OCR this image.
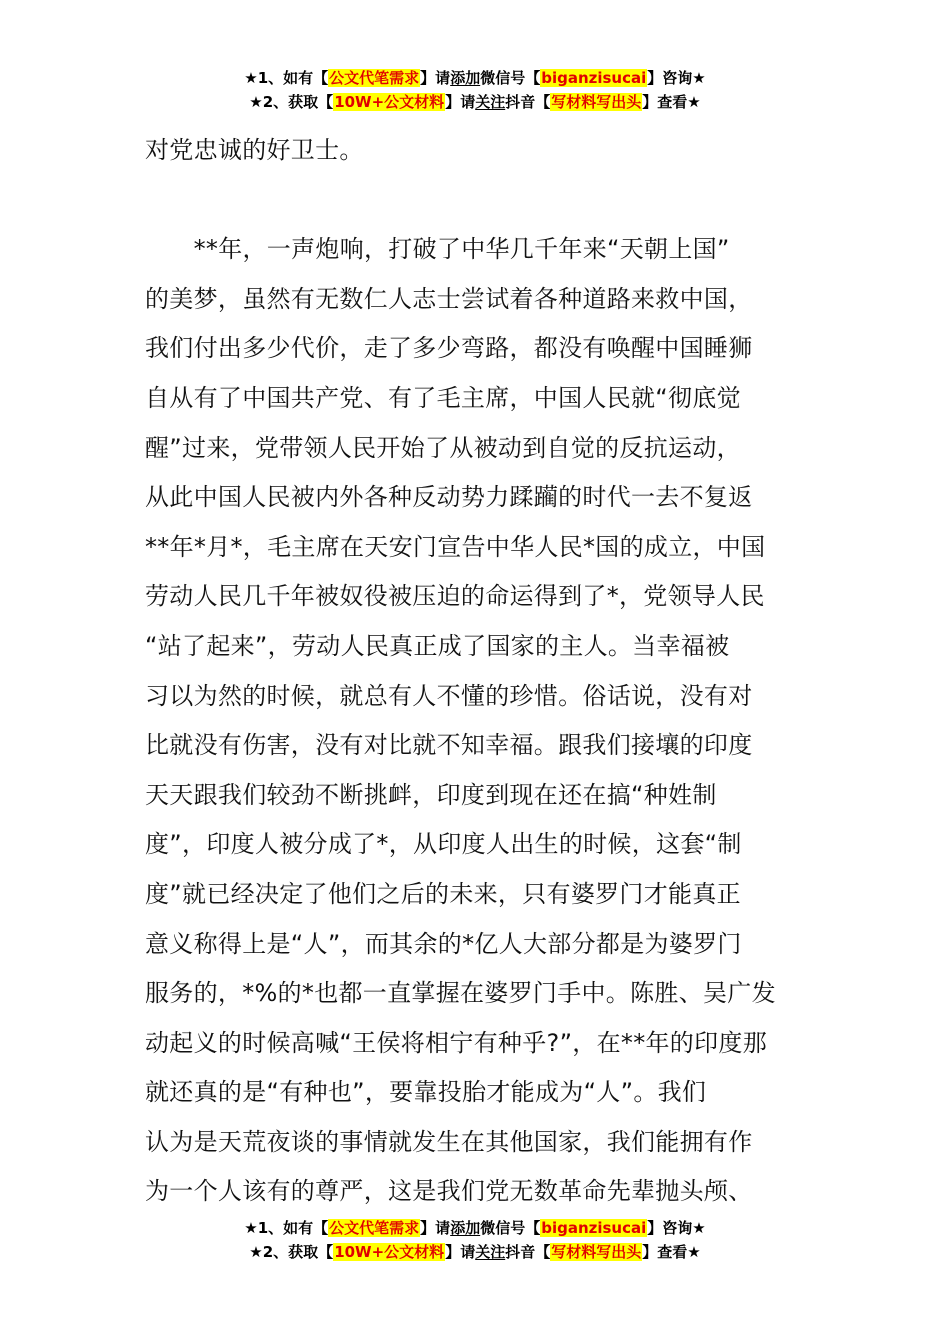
★1、如有【公文代笔需求】请添加微信号【biganzisucai】咨询★
★2、获取【10W+公文材料】请关注抖音【写材料写出头】查看★
对党忠诚的好卫士。
　　**年，一声炮响，打破了中华几千年来“天朝上国”
的美梦，虽然有无数仁人志士尝试着各种道路来救中国，
我们付出多少代价，走了多少弯路，都没有唤醒中国睡狮
自从有了中国共产党、有了毛主席，中国人民就“彻底觉
醒”过来，党带领人民开始了从被动到自觉的反抗运动，
从此中国人民被内外各种反动势力蹂躏的时代一去不复返
**年*月*，毛主席在天安门宣告中华人民*国的成立，中国
劳动人民几千年被奴役被压迫的命运得到了*，党领导人民
“站了起来”，劳动人民真正成了国家的主人。当幸福被
习以为然的时候，就总有人不懂的珍惜。俗话说，没有对
比就没有伤害，没有对比就不知幸福。跟我们接壤的印度
天天跟我们较劲不断挑衅，印度到现在还在搞“种姓制
度”，印度人被分成了*，从印度人出生的时候，这套“制
度”就已经决定了他们之后的未来，只有婆罗门才能真正
意义称得上是“人”，而其余的*亿人大部分都是为婆罗门
服务的，*%的*也都一直掌握在婆罗门手中。陈胜、吴广发
动起义的时候高喊“王侯将相宁有种乎?”，在**年的印度那
就还真的是“有种也”，要靠投胎才能成为“人”。我们
认为是天荒夜谈的事情就发生在其他国家，我们能拥有作
为一个人该有的尊严，这是我们党无数革命先辈抛头颅、
★1、如有【公文代笔需求】请添加微信号【biganzisucai】咨询★
★2、获取【10W+公文材料】请关注抖音【写材料写出头】查看★
